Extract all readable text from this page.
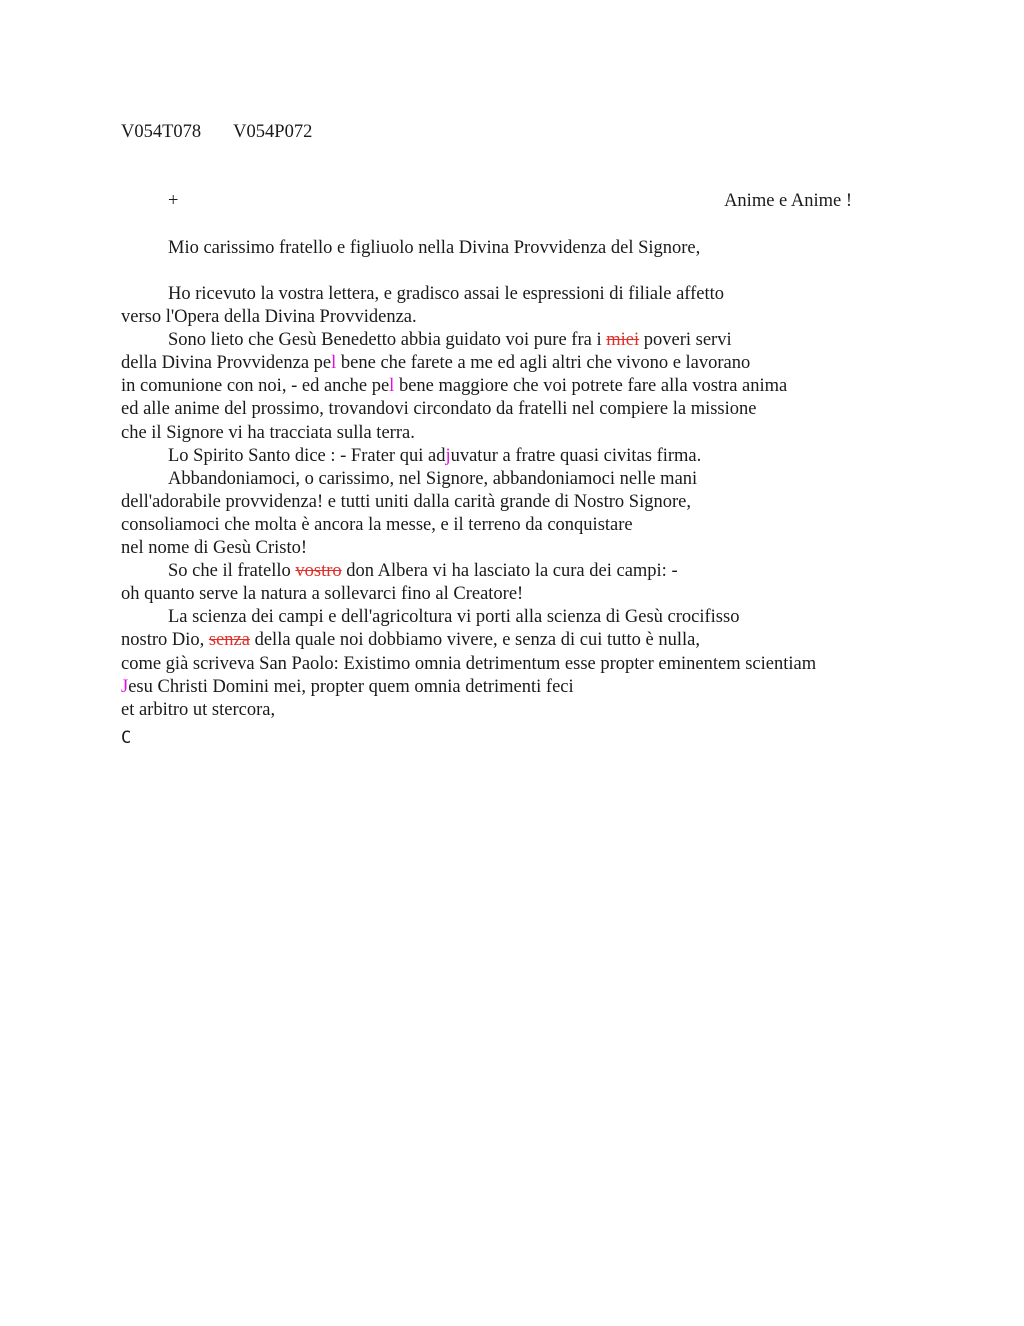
V054T078 V054P072
+	Anime e Anime !
Mio carissimo fratello e figliuolo nella Divina Provvidenza del Signore,
Ho ricevuto la vostra lettera, e gradisco assai le espressioni di filiale affetto
verso l'Opera della Divina Provvidenza.
Sono lieto che Gesù Benedetto abbia guidato voi pure fra i miei poveri servi
della Divina Provvidenza pel bene che farete a me ed agli altri che vivono e lavorano
in comunione con noi, - ed anche pel bene maggiore che voi potrete fare alla vostra anima
ed alle anime del prossimo, trovandovi circondato da fratelli nel compiere la missione
che il Signore vi ha tracciata sulla terra.
Lo Spirito Santo dice : - Frater qui adjuvatur a fratre quasi civitas firma.
Abbandoniamoci, o carissimo, nel Signore, abbandoniamoci nelle mani
dell'adorabile provvidenza! e tutti uniti dalla carità grande di Nostro Signore,
consoliamoci che molta è ancora la messe, e il terreno da conquistare
nel nome di Gesù Cristo!
So che il fratello vostro don Albera vi ha lasciato la cura dei campi: -
oh quanto serve la natura a sollevarci fino al Creatore!
La scienza dei campi e dell'agricoltura vi porti alla scienza di Gesù crocifisso
nostro Dio, senza della quale noi dobbiamo vivere, e senza di cui tutto è nulla,
come già scriveva San Paolo: Existimo omnia detrimentum esse propter eminentem scientiam
Jesu Christi Domini mei, propter quem omnia detrimenti feci
et arbitro ut stercora,
C
